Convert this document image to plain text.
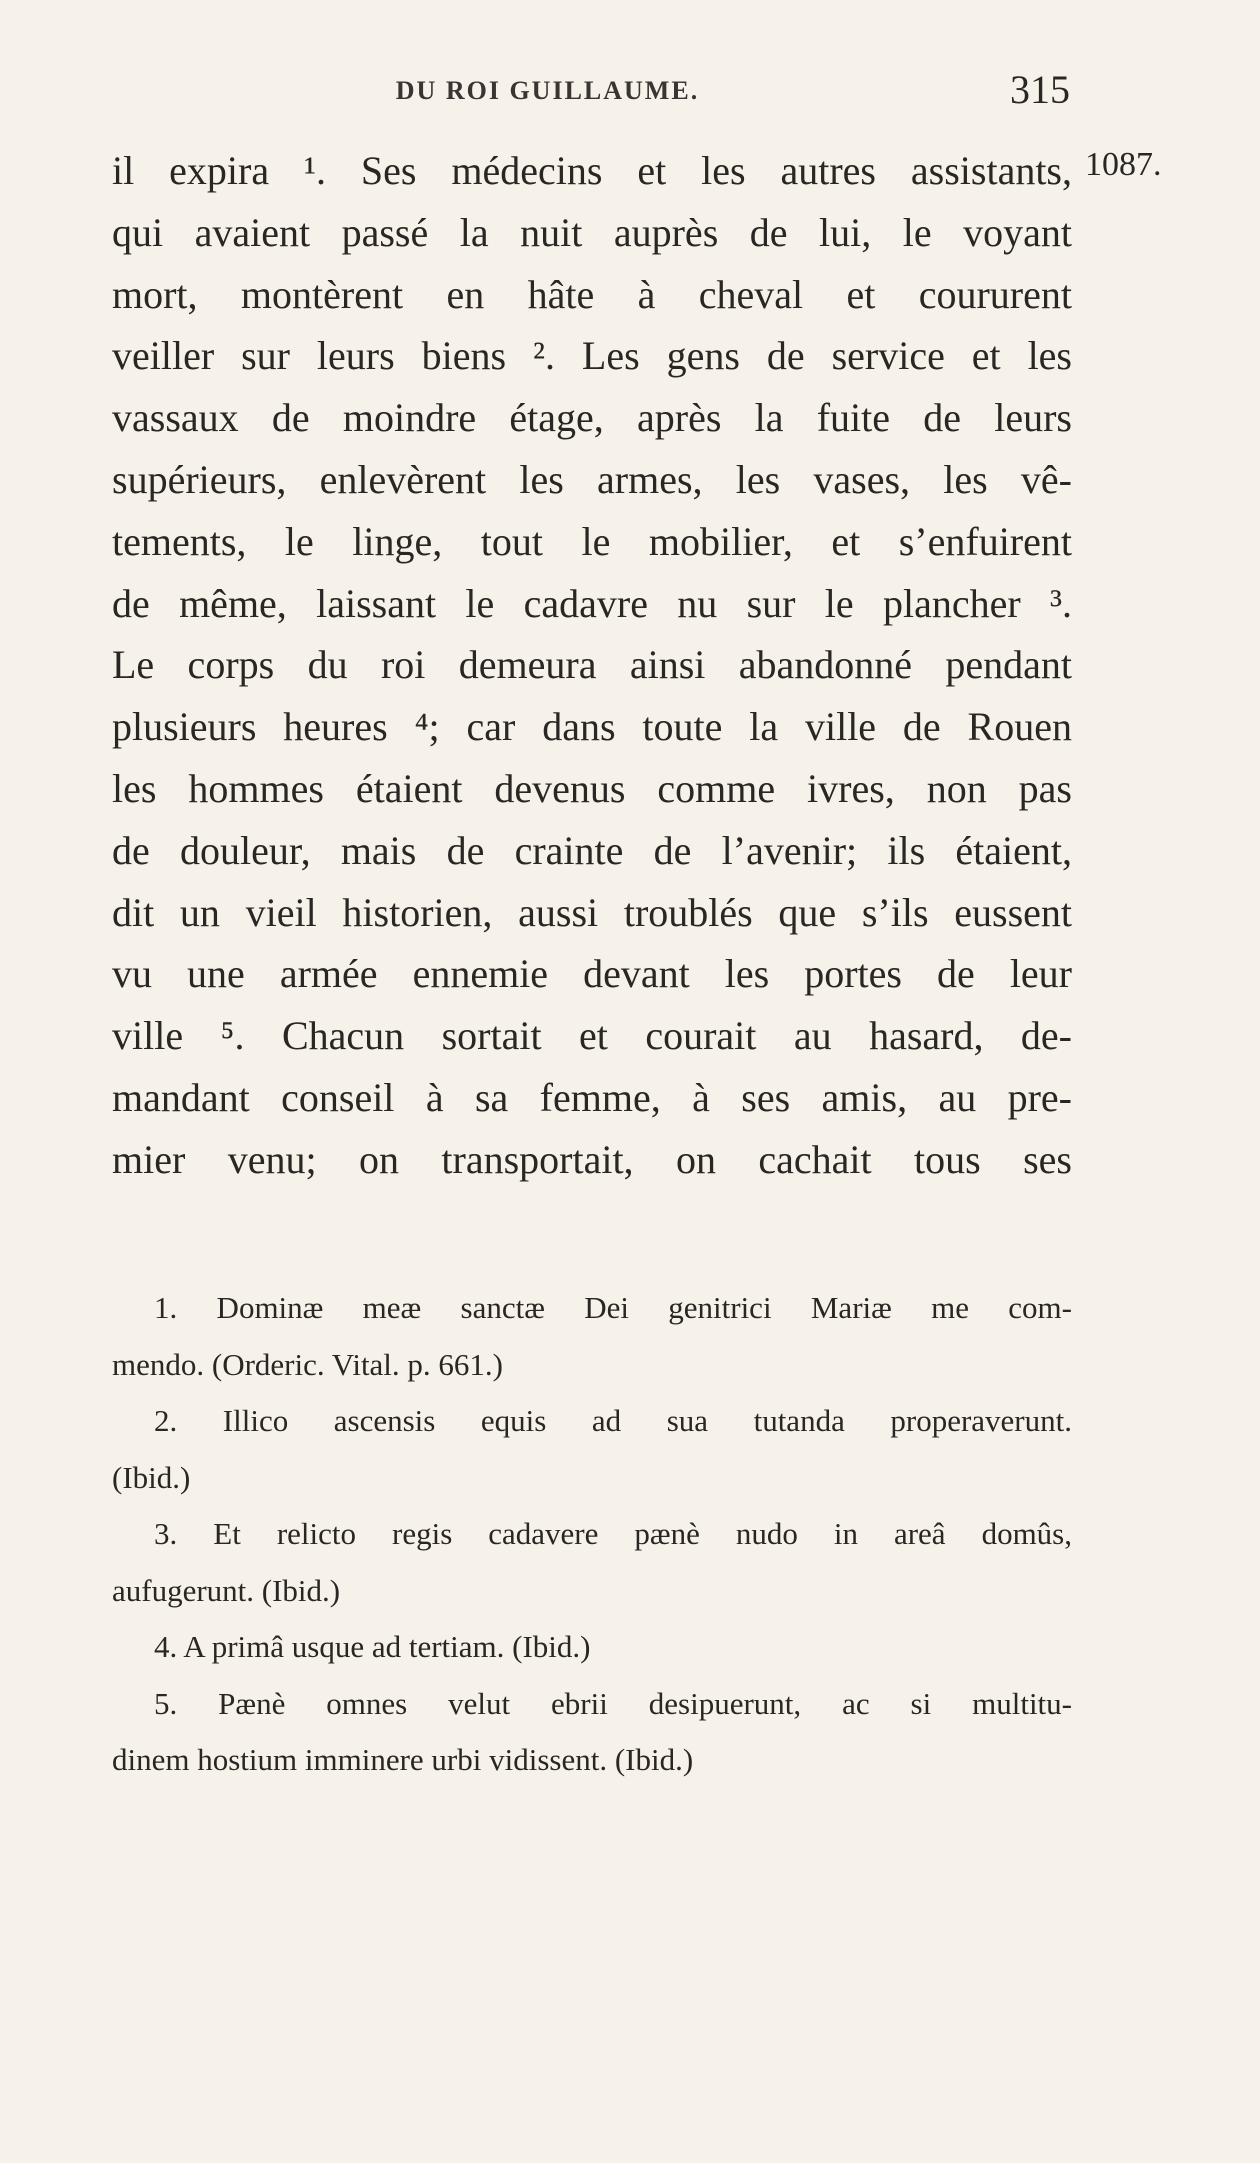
DU ROI GUILLAUME.	315
1087.
il expira ¹. Ses médecins et les autres assistants,
qui avaient passé la nuit auprès de lui, le voyant
mort, montèrent en hâte à cheval et coururent
veiller sur leurs biens ². Les gens de service et les
vassaux de moindre étage, après la fuite de leurs
supérieurs, enlevèrent les armes, les vases, les vê-
tements, le linge, tout le mobilier, et s’enfuirent
de même, laissant le cadavre nu sur le plancher ³.
Le corps du roi demeura ainsi abandonné pendant
plusieurs heures ⁴; car dans toute la ville de Rouen
les hommes étaient devenus comme ivres, non pas
de douleur, mais de crainte de l’avenir; ils étaient,
dit un vieil historien, aussi troublés que s’ils eussent
vu une armée ennemie devant les portes de leur
ville ⁵. Chacun sortait et courait au hasard, de-
mandant conseil à sa femme, à ses amis, au pre-
mier venu; on transportait, on cachait tous ses
1. Dominæ meæ sanctæ Dei genitrici Mariæ me com-
mendo. (Orderic. Vital. p. 661.)
2. Illico ascensis equis ad sua tutanda properaverunt.
(Ibid.)
3. Et relicto regis cadavere pænè nudo in areâ domûs,
aufugerunt. (Ibid.)
4. A primâ usque ad tertiam. (Ibid.)
5. Pænè omnes velut ebrii desipuerunt, ac si multitu-
dinem hostium imminere urbi vidissent. (Ibid.)
